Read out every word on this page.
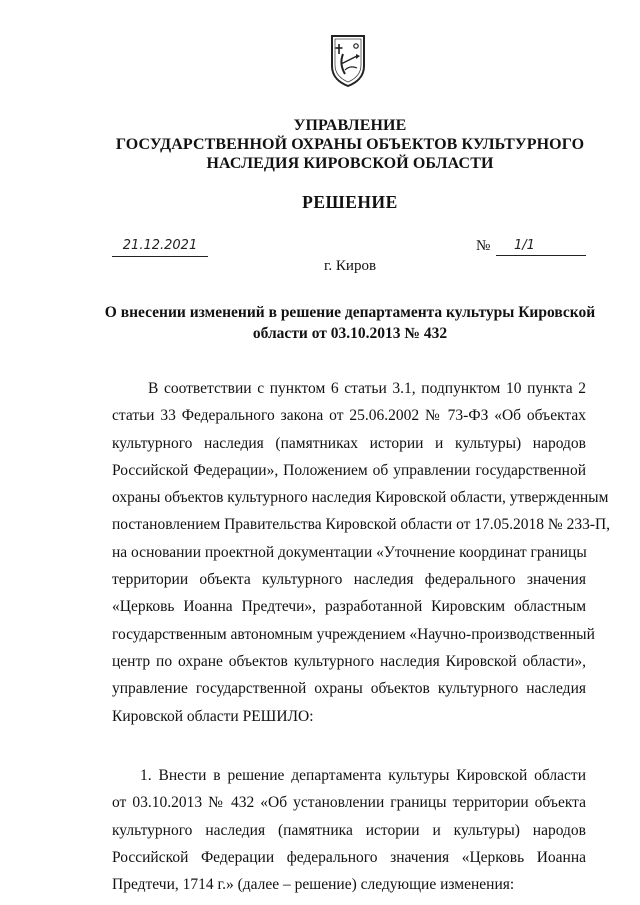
УПРАВЛЕНИЕ
ГОСУДАРСТВЕННОЙ ОХРАНЫ ОБЪЕКТОВ КУЛЬТУРНОГО
НАСЛЕДИЯ КИРОВСКОЙ ОБЛАСТИ
РЕШЕНИЕ
21.12.2021	№	1/1
г. Киров
О внесении изменений в решение департамента культуры Кировской
области от 03.10.2013 № 432
В соответствии с пунктом 6 статьи 3.1, подпунктом 10 пункта 2
статьи 33 Федерального закона от 25.06.2002 № 73-ФЗ «Об объектах
культурного наследия (памятниках истории и культуры) народов
Российской Федерации», Положением об управлении государственной
охраны объектов культурного наследия Кировской области, утвержденным
постановлением Правительства Кировской области от 17.05.2018 № 233-П,
на основании проектной документации «Уточнение координат границы
территории объекта культурного наследия федерального значения
«Церковь Иоанна Предтечи», разработанной Кировским областным
государственным автономным учреждением «Научно-производственный
центр по охране объектов культурного наследия Кировской области»,
управление государственной охраны объектов культурного наследия
Кировской области РЕШИЛО:
1. Внести в решение департамента культуры Кировской области
от 03.10.2013 № 432 «Об установлении границы территории объекта
культурного наследия (памятника истории и культуры) народов
Российской Федерации федерального значения «Церковь Иоанна
Предтечи, 1714 г.» (далее – решение) следующие изменения:
